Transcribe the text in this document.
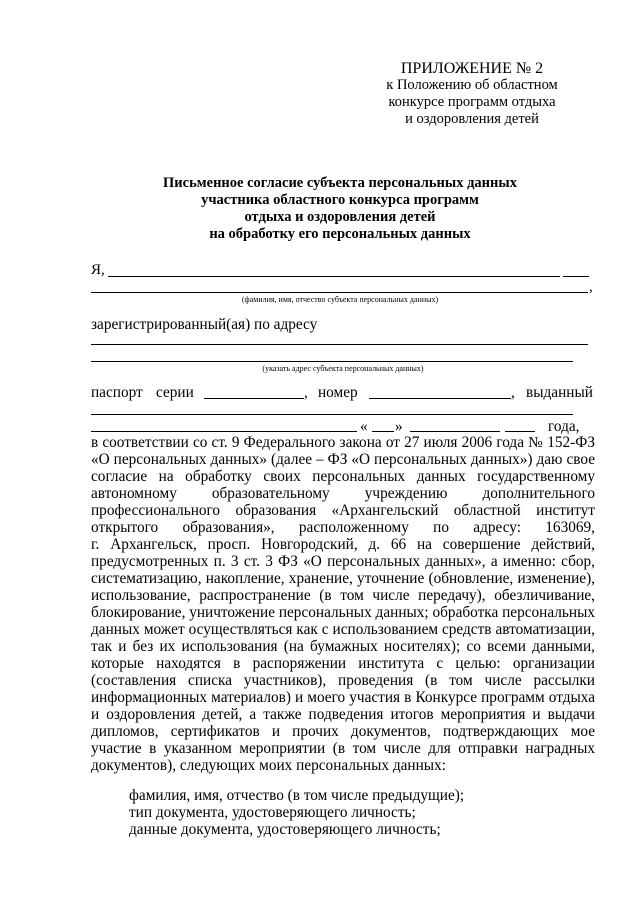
ПРИЛОЖЕНИЕ № 2
к Положению об областном
конкурсе программ отдыха
и оздоровления детей
Письменное согласие субъекта персональных данных
участника областного конкурса программ
отдыха и оздоровления детей
на обработку его персональных данных
Я,
,
(фамилия, имя, отчество субъекта персональных данных)
зарегистрированный(ая) по адресу
(указать адрес субъекта персональных данных)
паспорт серии	, номер	, выданный
« »	года,
в соответствии со ст. 9 Федерального закона от 27 июля 2006 года № 152-ФЗ
«О персональных данных» (далее – ФЗ «О персональных данных») даю свое
согласие на обработку своих персональных данных государственному
автономному образовательному учреждению дополнительного
профессионального образования «Архангельский областной институт
открытого образования», расположенному по адресу: 163069,
г. Архангельск, просп. Новгородский, д. 66 на совершение действий,
предусмотренных п. 3 ст. 3 ФЗ «О персональных данных», а именно: сбор,
систематизацию, накопление, хранение, уточнение (обновление, изменение),
использование, распространение (в том числе передачу), обезличивание,
блокирование, уничтожение персональных данных; обработка персональных
данных может осуществляться как с использованием средств автоматизации,
так и без их использования (на бумажных носителях); со всеми данными,
которые находятся в распоряжении института с целью: организации
(составления списка участников), проведения (в том числе рассылки
информационных материалов) и моего участия в Конкурсе программ отдыха
и оздоровления детей, а также подведения итогов мероприятия и выдачи
дипломов, сертификатов и прочих документов, подтверждающих мое
участие в указанном мероприятии (в том числе для отправки наградных
документов), следующих моих персональных данных:
фамилия, имя, отчество (в том числе предыдущие);
тип документа, удостоверяющего личность;
данные документа, удостоверяющего личность;
